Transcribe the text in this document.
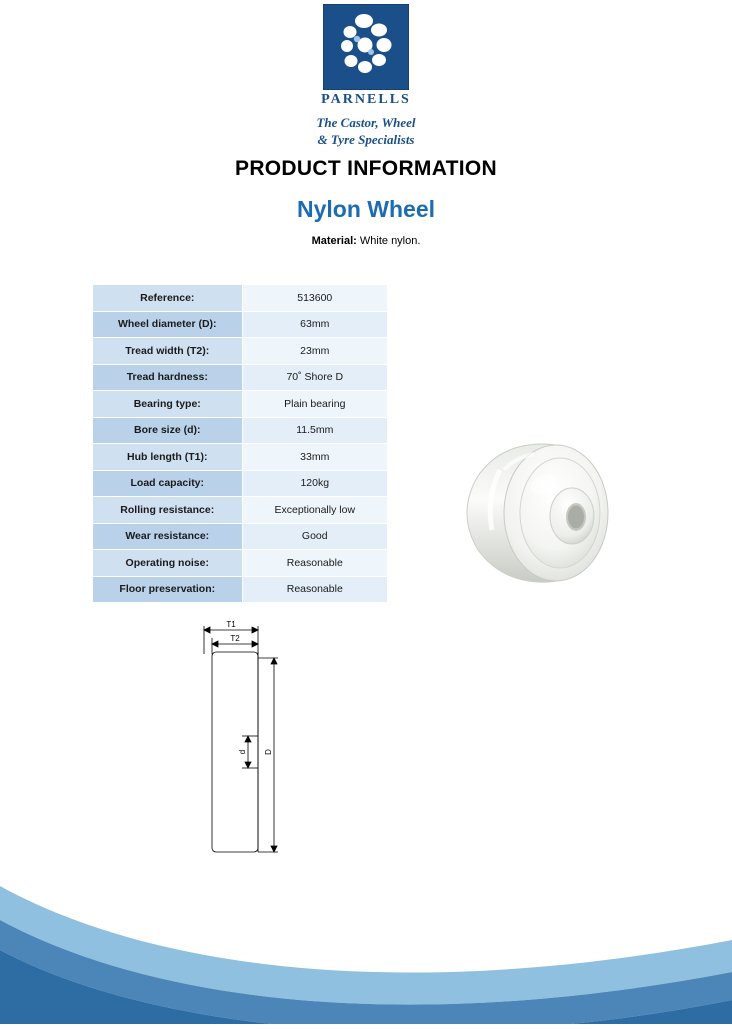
PARNELLS
The Castor, Wheel
& Tyre Specialists
PRODUCT INFORMATION
Nylon Wheel
Material: White nylon.
Reference:	513600
Wheel diameter (D):	63mm
Tread width (T2):	23mm
Tread hardness:	70˚ Shore D
Bearing type:	Plain bearing
Bore size (d):	11.5mm
Hub length (T1):	33mm
Load capacity:	120kg
Rolling resistance:	Exceptionally low
Wear resistance:	Good
Operating noise:	Reasonable
Floor preservation:	Reasonable
T1
T2
d D
